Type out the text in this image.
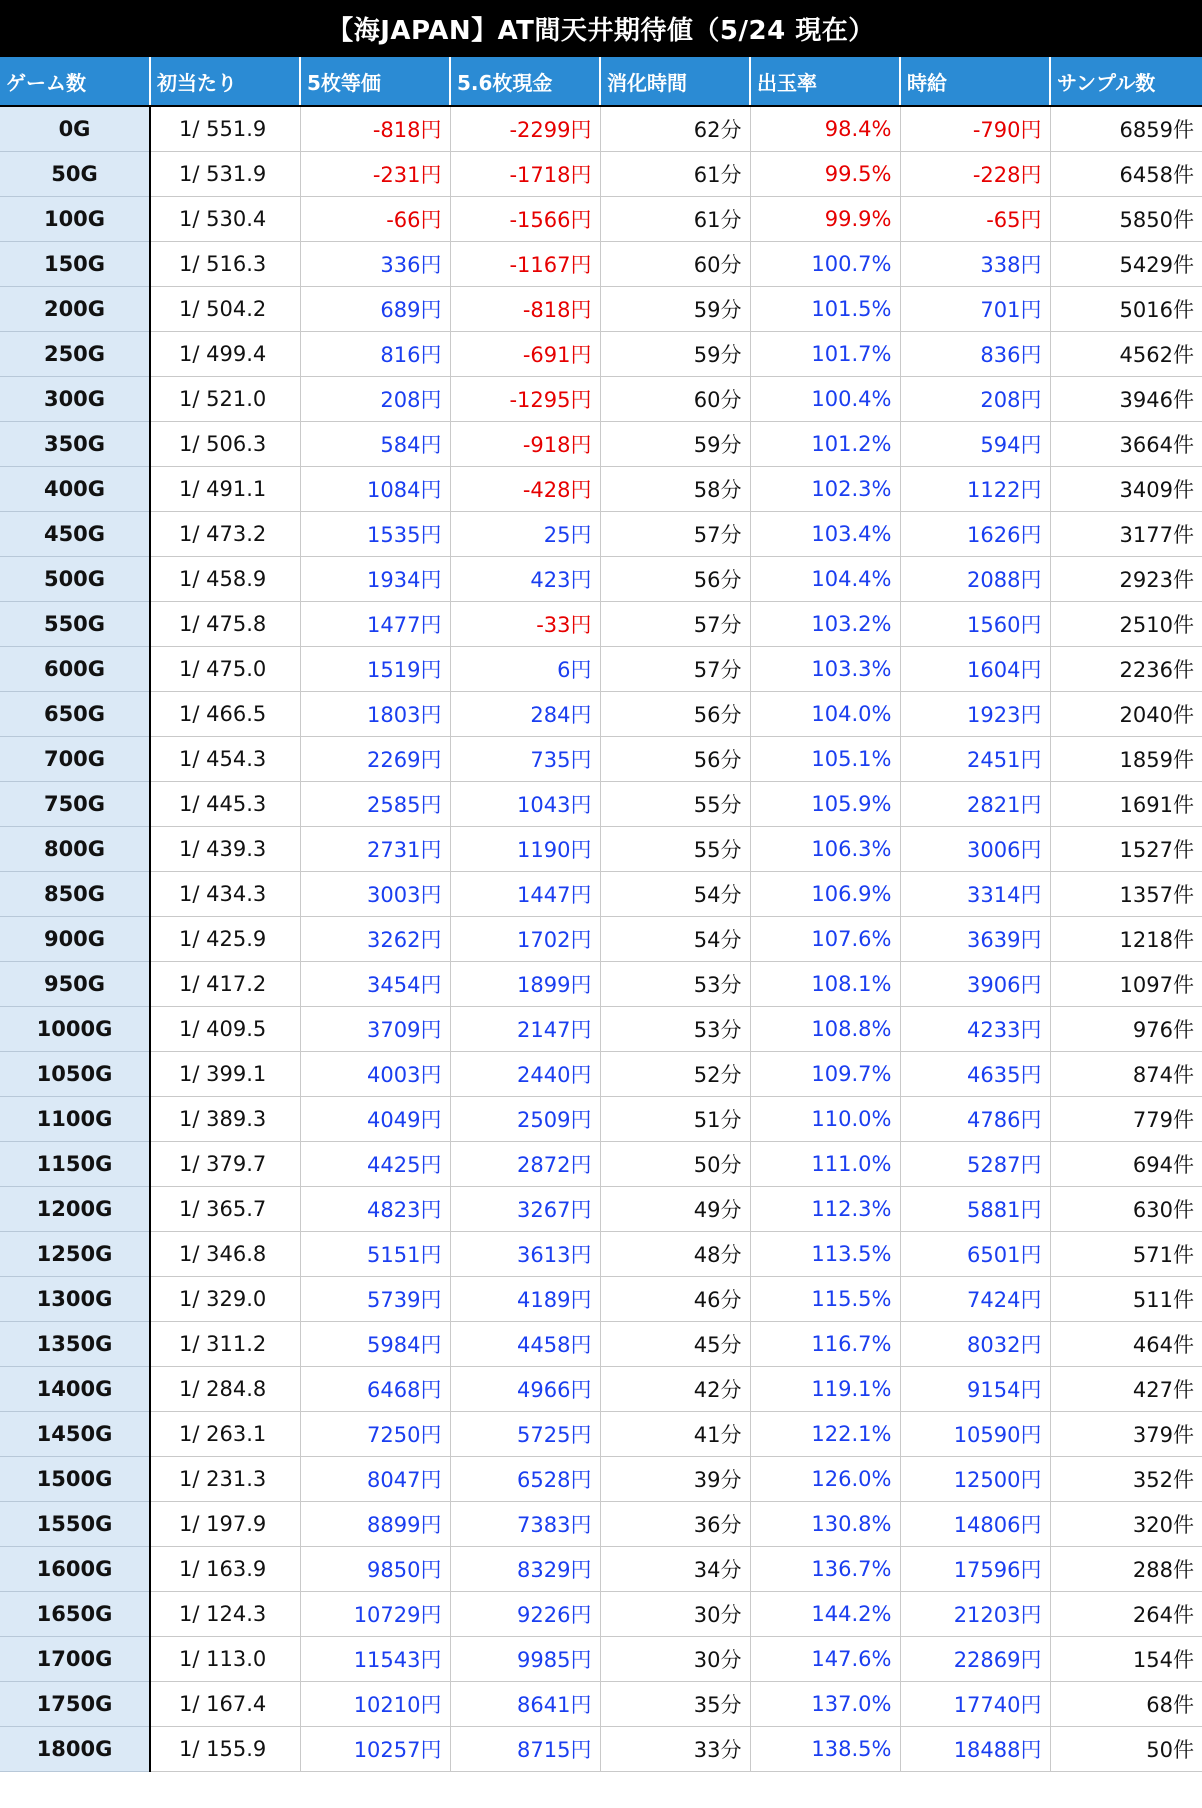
【海JAPAN】AT間天井期待値（5/24 現在）
ゲーム数	初当たり	5枚等価	5.6枚現金	消化時間	出玉率	時給	サンプル数
0G	1/ 551.9	-818円	-2299円	62分	98.4%	-790円	6859件
50G	1/ 531.9	-231円	-1718円	61分	99.5%	-228円	6458件
100G	1/ 530.4	-66円	-1566円	61分	99.9%	-65円	5850件
150G	1/ 516.3	336円	-1167円	60分	100.7%	338円	5429件
200G	1/ 504.2	689円	-818円	59分	101.5%	701円	5016件
250G	1/ 499.4	816円	-691円	59分	101.7%	836円	4562件
300G	1/ 521.0	208円	-1295円	60分	100.4%	208円	3946件
350G	1/ 506.3	584円	-918円	59分	101.2%	594円	3664件
400G	1/ 491.1	1084円	-428円	58分	102.3%	1122円	3409件
450G	1/ 473.2	1535円	25円	57分	103.4%	1626円	3177件
500G	1/ 458.9	1934円	423円	56分	104.4%	2088円	2923件
550G	1/ 475.8	1477円	-33円	57分	103.2%	1560円	2510件
600G	1/ 475.0	1519円	6円	57分	103.3%	1604円	2236件
650G	1/ 466.5	1803円	284円	56分	104.0%	1923円	2040件
700G	1/ 454.3	2269円	735円	56分	105.1%	2451円	1859件
750G	1/ 445.3	2585円	1043円	55分	105.9%	2821円	1691件
800G	1/ 439.3	2731円	1190円	55分	106.3%	3006円	1527件
850G	1/ 434.3	3003円	1447円	54分	106.9%	3314円	1357件
900G	1/ 425.9	3262円	1702円	54分	107.6%	3639円	1218件
950G	1/ 417.2	3454円	1899円	53分	108.1%	3906円	1097件
1000G	1/ 409.5	3709円	2147円	53分	108.8%	4233円	976件
1050G	1/ 399.1	4003円	2440円	52分	109.7%	4635円	874件
1100G	1/ 389.3	4049円	2509円	51分	110.0%	4786円	779件
1150G	1/ 379.7	4425円	2872円	50分	111.0%	5287円	694件
1200G	1/ 365.7	4823円	3267円	49分	112.3%	5881円	630件
1250G	1/ 346.8	5151円	3613円	48分	113.5%	6501円	571件
1300G	1/ 329.0	5739円	4189円	46分	115.5%	7424円	511件
1350G	1/ 311.2	5984円	4458円	45分	116.7%	8032円	464件
1400G	1/ 284.8	6468円	4966円	42分	119.1%	9154円	427件
1450G	1/ 263.1	7250円	5725円	41分	122.1%	10590円	379件
1500G	1/ 231.3	8047円	6528円	39分	126.0%	12500円	352件
1550G	1/ 197.9	8899円	7383円	36分	130.8%	14806円	320件
1600G	1/ 163.9	9850円	8329円	34分	136.7%	17596円	288件
1650G	1/ 124.3	10729円	9226円	30分	144.2%	21203円	264件
1700G	1/ 113.0	11543円	9985円	30分	147.6%	22869円	154件
1750G	1/ 167.4	10210円	8641円	35分	137.0%	17740円	68件
1800G	1/ 155.9	10257円	8715円	33分	138.5%	18488円	50件
